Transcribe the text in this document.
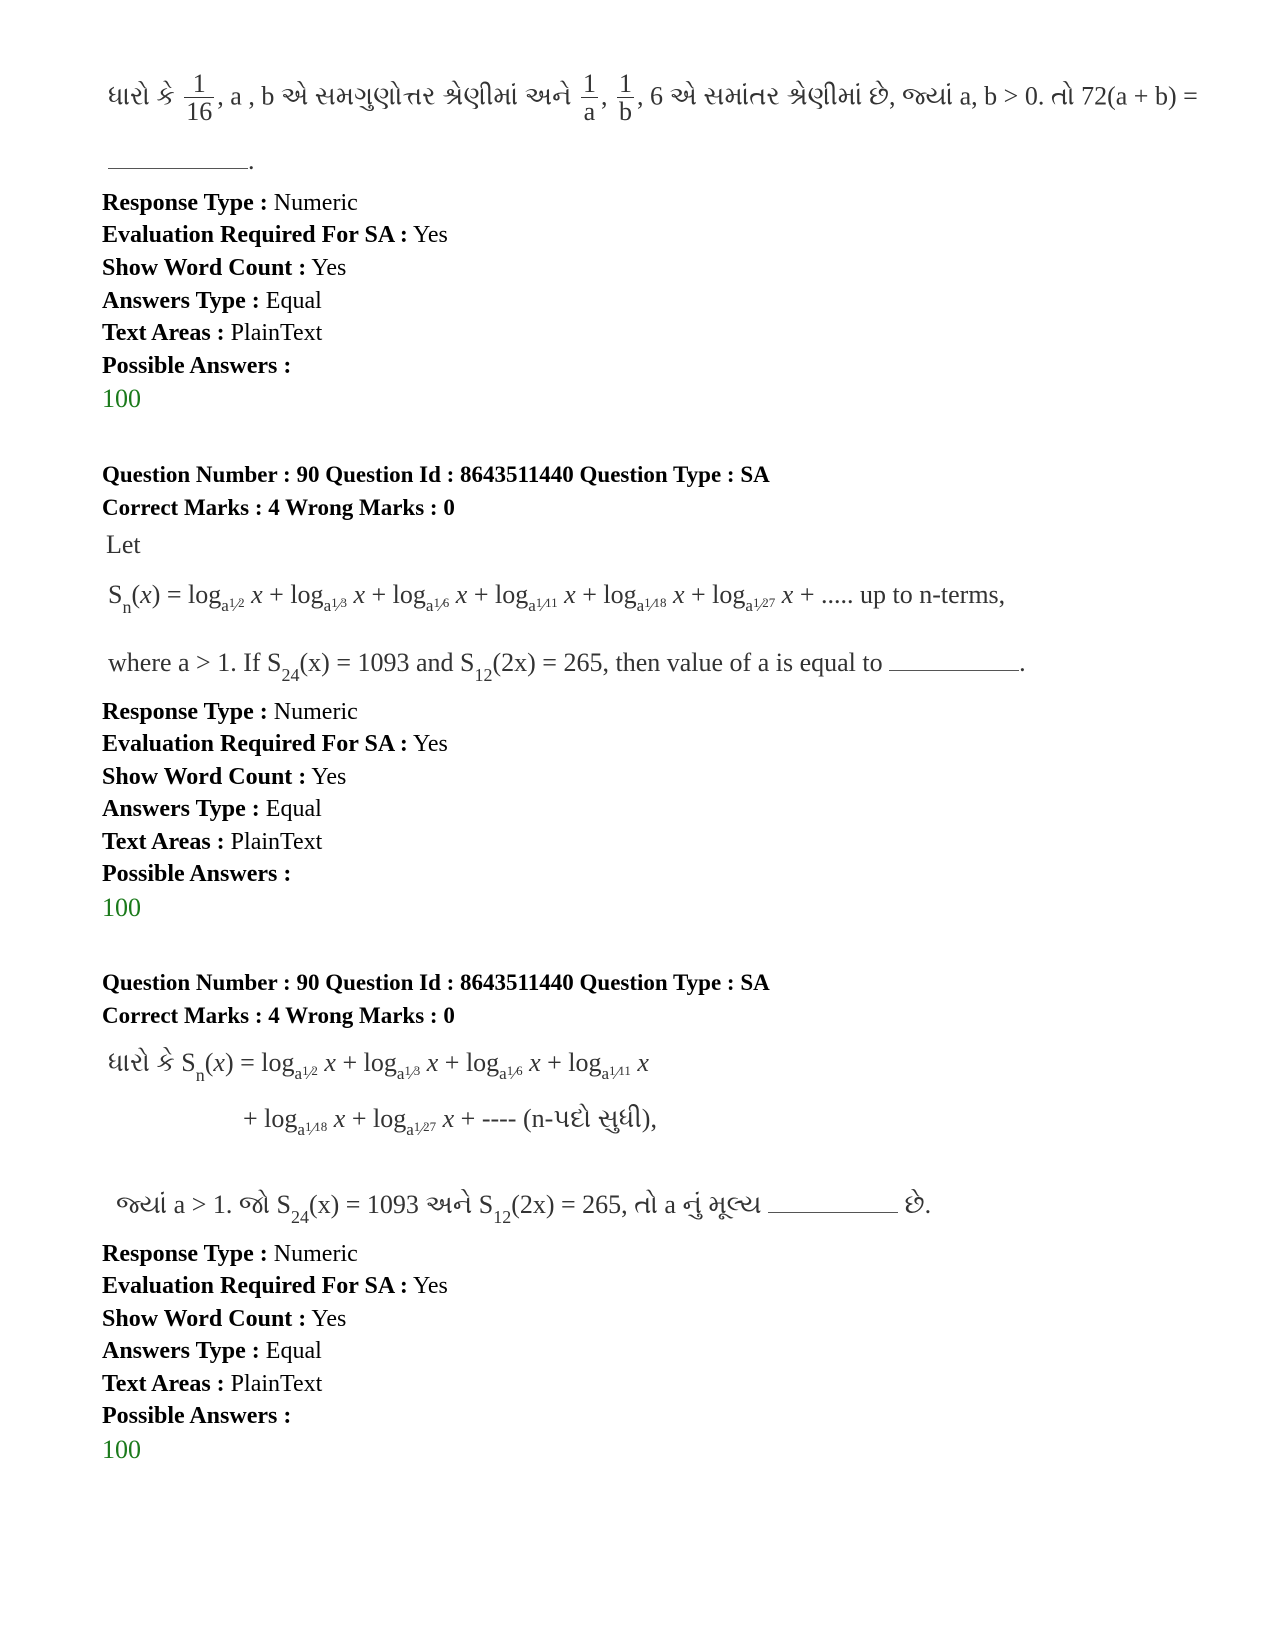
ધારો કે $\frac{1}{16}$ , a , b એ સમગુણોત્તર શ્રેણીમાં અને $\frac{1}{a}$ , $\frac{1}{b}$ , 6 એ સમાંતર શ્રેણીમાં છે, જ્યાં a, b > 0. તો 72(a + b) =
.
Response Type : Numeric
Evaluation Required For SA : Yes
Show Word Count : Yes
Answers Type : Equal
Text Areas : PlainText
Possible Answers :
100
Question Number : 90 Question Id : 8643511440 Question Type : SA
Correct Marks : 4 Wrong Marks : 0
Let
$S_n(x) = \log_{a^1⁄^2} x + \log_{a^1⁄^3} x + \log_{a^1⁄^6} x + \log_{a^1⁄^{11}} x + \log_{a^1⁄^{18}} x + \log_{a^1⁄^{27}} x$ + ..... up to n-terms,
where a > 1. If $S_{24}(x) = 1093$ and $S_{12}(2x) = 265$, then value of a is equal to	.
Response Type : Numeric
Evaluation Required For SA : Yes
Show Word Count : Yes
Answers Type : Equal
Text Areas : PlainText
Possible Answers :
100
Question Number : 90 Question Id : 8643511440 Question Type : SA
Correct Marks : 4 Wrong Marks : 0
ધારો કે $S_n(x) = \log_{a^1⁄^2} x + \log_{a^1⁄^3} x + \log_{a^1⁄^6} x + \log_{a^1⁄^{11}} x$
+ $\log_{a^1⁄^{18}} x + \log_{a^1⁄^{27}} x$ + ---- (n-પદો સુધી),
જ્યાં a > 1. જો $S_{24}(x) = 1093$ અને $S_{12}(2x) = 265$, તો a નું મૂલ્ય	છે.
Response Type : Numeric
Evaluation Required For SA : Yes
Show Word Count : Yes
Answers Type : Equal
Text Areas : PlainText
Possible Answers :
100
